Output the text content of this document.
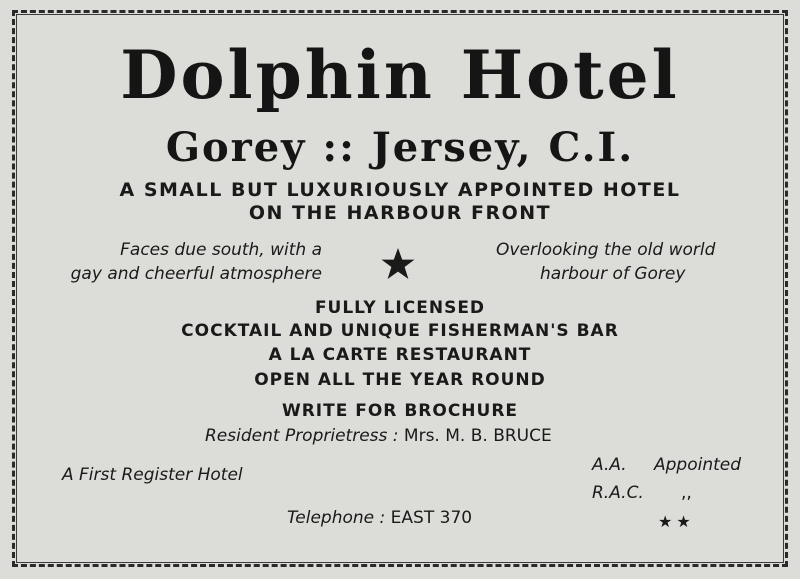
Dolphin Hotel
Gorey :: Jersey, C.I.
A SMALL BUT LUXURIOUSLY APPOINTED HOTEL
ON THE HARBOUR FRONT
Faces due south, with a
gay and cheerful atmosphere
Overlooking the old world
harbour of Gorey
FULLY LICENSED
COCKTAIL AND UNIQUE FISHERMAN'S BAR
A LA CARTE RESTAURANT
OPEN ALL THE YEAR ROUND
WRITE FOR BROCHURE
Resident Proprietress : Mrs. M. B. BRUCE
A First Register Hotel	A.A. Appointed
R.A.C. ,,
★★
Telephone : EAST 370
